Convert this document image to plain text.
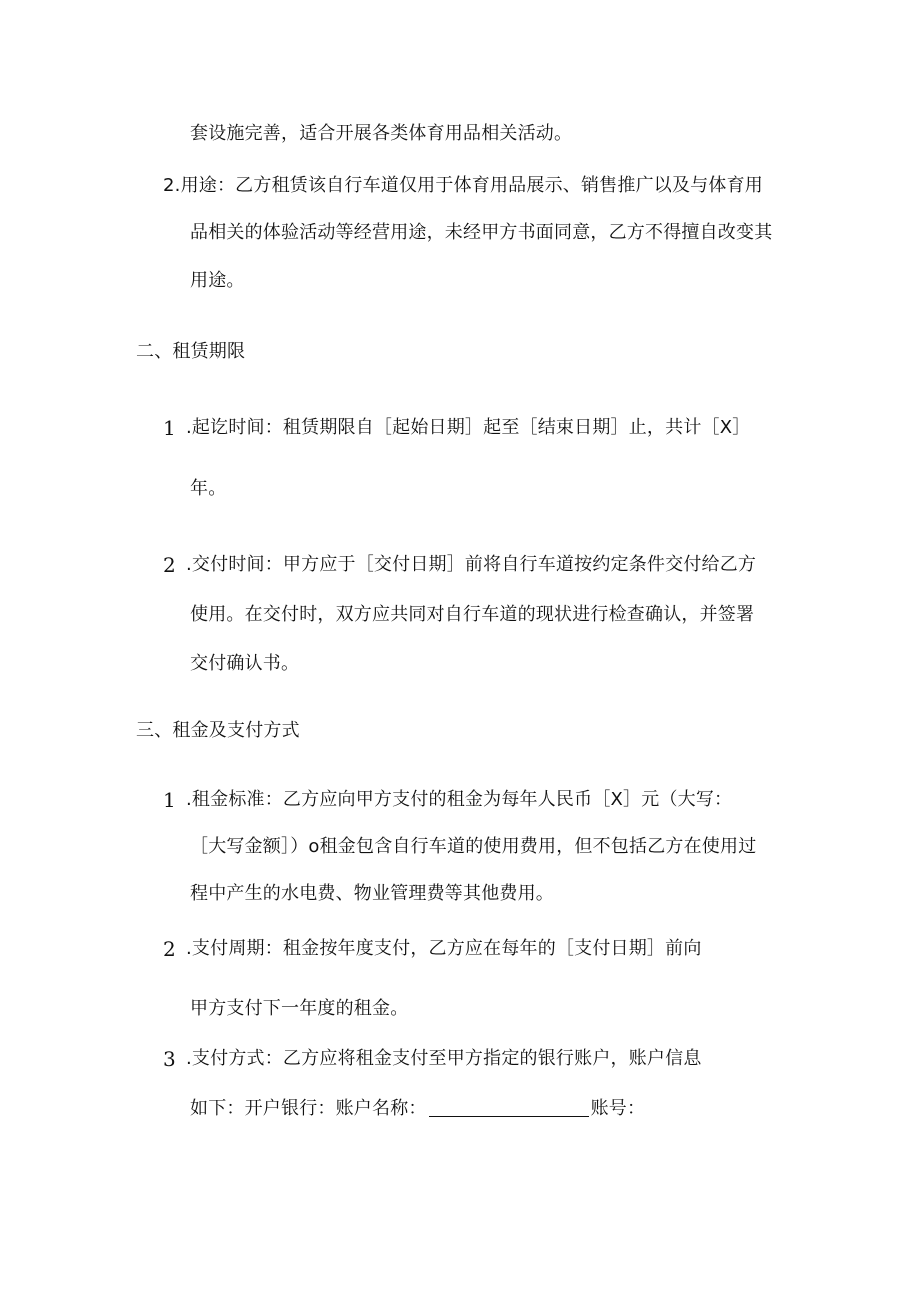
套设施完善，适合开展各类体育用品相关活动。
2.用途：乙方租赁该自行车道仅用于体育用品展示、销售推广以及与体育用
品相关的体验活动等经营用途，未经甲方书面同意，乙方不得擅自改变其
用途。
二、租赁期限
1 .起讫时间：租赁期限自［起始日期］起至［结束日期］止，共计［X］
年。
2 .交付时间：甲方应于［交付日期］前将自行车道按约定条件交付给乙方
使用。在交付时，双方应共同对自行车道的现状进行检查确认，并签署
交付确认书。
三、租金及支付方式
1 .租金标准：乙方应向甲方支付的租金为每年人民币［X］元（大写：
［大写金额］）o租金包含自行车道的使用费用，但不包括乙方在使用过
程中产生的水电费、物业管理费等其他费用。
2 .支付周期：租金按年度支付，乙方应在每年的［支付日期］前向
甲方支付下一年度的租金。
3 .支付方式：乙方应将租金支付至甲方指定的银行账户，账户信息
如下：开户银行：账户名称：	账号：
